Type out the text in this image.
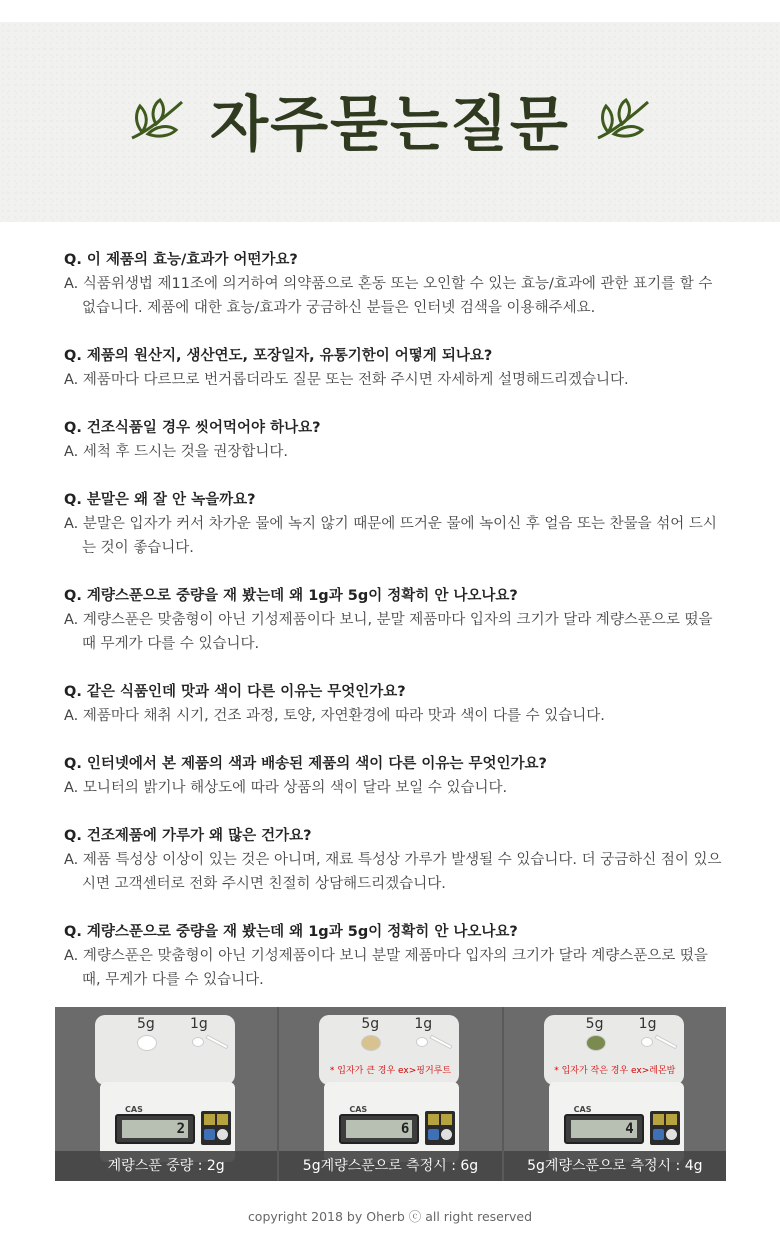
자주묻는질문
Q. 이 제품의 효능/효과가 어떤가요?
A. 식품위생법 제11조에 의거하여 의약품으로 혼동 또는 오인할 수 있는 효능/효과에 관한 표기를 할 수 없습니다. 제품에 대한 효능/효과가 궁금하신 분들은 인터넷 검색을 이용해주세요.
Q. 제품의 원산지, 생산연도, 포장일자, 유통기한이 어떻게 되나요?
A. 제품마다 다르므로 번거롭더라도 질문 또는 전화 주시면 자세하게 설명해드리겠습니다.
Q. 건조식품일 경우 씻어먹어야 하나요?
A. 세척 후 드시는 것을 권장합니다.
Q. 분말은 왜 잘 안 녹을까요?
A. 분말은 입자가 커서 차가운 물에 녹지 않기 때문에 뜨거운 물에 녹이신 후 얼음 또는 찬물을 섞어 드시는 것이 좋습니다.
Q. 계량스푼으로 중량을 재 봤는데 왜 1g과 5g이 정확히 안 나오나요?
A. 계량스푼은 맞춤형이 아닌 기성제품이다 보니, 분말 제품마다 입자의 크기가 달라 계량스푼으로 떴을 때 무게가 다를 수 있습니다.
Q. 같은 식품인데 맛과 색이 다른 이유는 무엇인가요?
A. 제품마다 채취 시기, 건조 과정, 토양, 자연환경에 따라 맛과 색이 다를 수 있습니다.
Q. 인터넷에서 본 제품의 색과 배송된 제품의 색이 다른 이유는 무엇인가요?
A. 모니터의 밝기나 해상도에 따라 상품의 색이 달라 보일 수 있습니다.
Q. 건조제품에 가루가 왜 많은 건가요?
A. 제품 특성상 이상이 있는 것은 아니며, 재료 특성상 가루가 발생될 수 있습니다. 더 궁금하신 점이 있으시면 고객센터로 전화 주시면 친절히 상담해드리겠습니다.
Q. 계량스푼으로 중량을 재 봤는데 왜 1g과 5g이 정확히 안 나오나요?
A. 계량스푼은 맞춤형이 아닌 기성제품이다 보니 분말 제품마다 입자의 크기가 달라 계량스푼으로 떴을 때, 무게가 다를 수 있습니다.
5g	1g
CAS
2
계량스푼 중량 : 2g
5g	1g
* 입자가 큰 경우 ex>핑거루트
CAS
6
5g계량스푼으로 측정시 : 6g
5g	1g
* 입자가 작은 경우 ex>레몬밤
CAS
4
5g계량스푼으로 측정시 : 4g
copyright 2018 by Oherb ⓒ all right reserved
